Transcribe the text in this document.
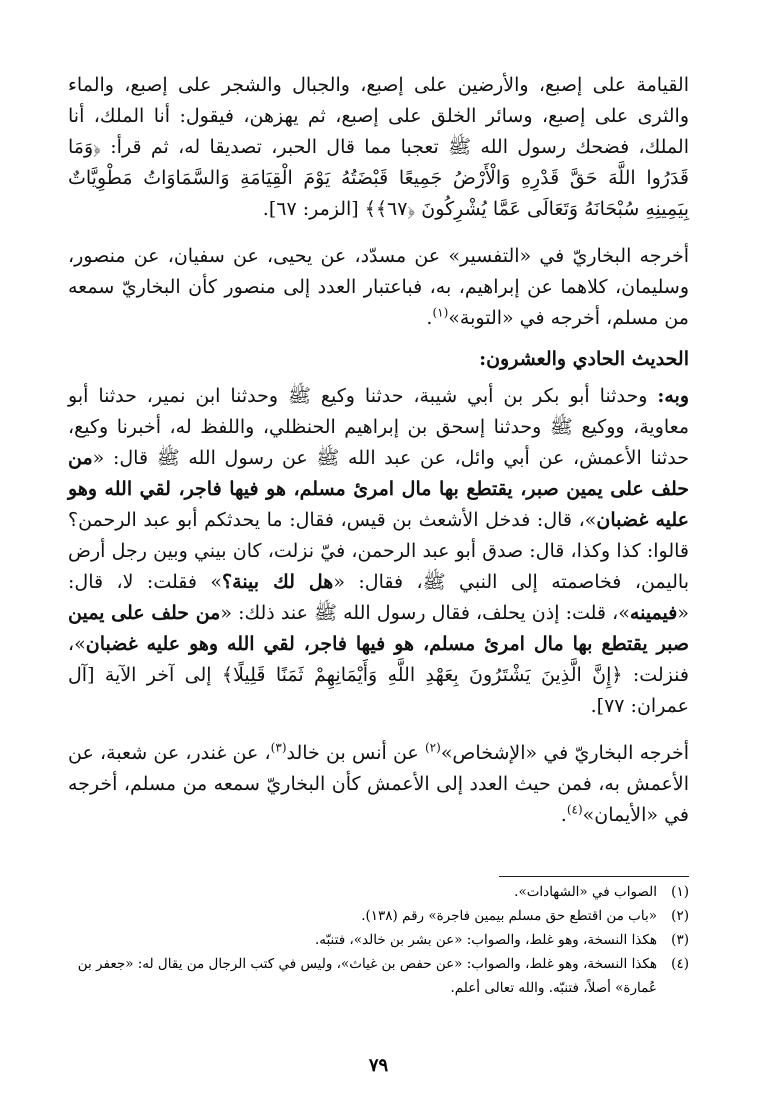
القيامة على إصبع، والأرضين على إصبع، والجبال والشجر على إصبع، والماء والثرى على إصبع، وسائر الخلق على إصبع، ثم يهزهن، فيقول: أنا الملك، أنا الملك، فضحك رسول الله ﷺ تعجبا مما قال الحبر، تصديقا له، ثم قرأ: ﴿وَمَا قَدَرُوا اللَّهَ حَقَّ قَدْرِهِ وَالْأَرْضُ جَمِيعًا قَبْضَتُهُ يَوْمَ الْقِيَامَةِ وَالسَّمَاوَاتُ مَطْوِيَّاتٌ بِيَمِينِهِ سُبْحَانَهُ وَتَعَالَى عَمَّا يُشْرِكُونَ ﴿٦٧﴾﴾ [الزمر: ٦٧].

أخرجه البخاريّ في «التفسير» عن مسدّد، عن يحيى، عن سفيان، عن منصور، وسليمان، كلاهما عن إبراهيم، به، فباعتبار العدد إلى منصور كأن البخاريّ سمعه من مسلم، أخرجه في «التوبة»$^{(١)}$.

الحديث الحادي والعشرون:

وبه: وحدثنا أبو بكر بن أبي شيبة، حدثنا وكيع ﷺ وحدثنا ابن نمير، حدثنا أبو معاوية، ووكيع ﷺ وحدثنا إسحق بن إبراهيم الحنظلي، واللفظ له، أخبرنا وكيع، حدثنا الأعمش، عن أبي وائل، عن عبد الله ﷺ عن رسول الله ﷺ قال: «من حلف على يمين صبر، يقتطع بها مال امرئ مسلم، هو فيها فاجر، لقي الله وهو عليه غضبان»، قال: فدخل الأشعث بن قيس، فقال: ما يحدثكم أبو عبد الرحمن؟ قالوا: كذا وكذا، قال: صدق أبو عبد الرحمن، فيّ نزلت، كان بيني وبين رجل أرض باليمن، فخاصمته إلى النبي ﷺ، فقال: «هل لك بينة؟» فقلت: لا، قال: «فيمينه»، قلت: إذن يحلف، فقال رسول الله ﷺ عند ذلك: «من حلف على يمين صبر يقتطع بها مال امرئ مسلم، هو فيها فاجر، لقي الله وهو عليه غضبان»، فنزلت: ﴿إِنَّ الَّذِينَ يَشْتَرُونَ بِعَهْدِ اللَّهِ وَأَيْمَانِهِمْ ثَمَنًا قَلِيلًا﴾ إلى آخر الآية [آل عمران: ٧٧].

أخرجه البخاريّ في «الإشخاص»$^{(٢)}$ عن أنس بن خالد$^{(٣)}$، عن غندر، عن شعبة، عن الأعمش به، فمن حيث العدد إلى الأعمش كأن البخاريّ سمعه من مسلم، أخرجه في «الأيمان»$^{(٤)}$.

(١)
الصواب في «الشهادات».
(٢)
«باب من اقتطع حق مسلم بيمين فاجرة» رقم (١٣٨).
(٣)
هكذا النسخة، وهو غلط، والصواب: «عن بشر بن خالد»، فتنبّه.
(٤)
هكذا النسخة، وهو غلط، والصواب: «عن حفص بن غياث»، وليس في كتب الرجال من يقال له: «جعفر بن عُمارة» أصلاً، فتنبّه. والله تعالى أعلم.
٧٩
